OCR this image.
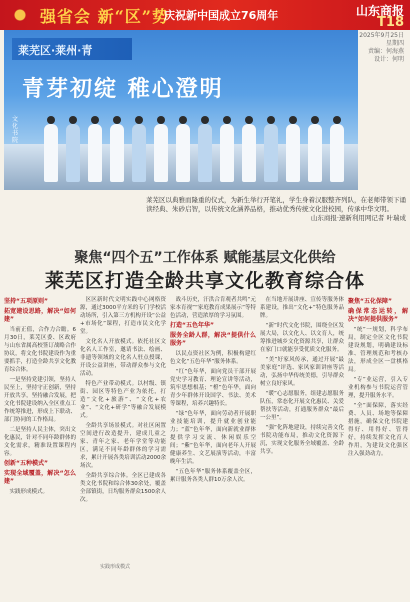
强省会 新“区”势
庆祝新中国成立76周年	山东商报
T18
2025年9月25日
星期四
责编：何海燕
设计：何明
莱芜区·莱州·青
青芽初绽 稚心澄明
文化书院
莱芜区以典雅而隆重的仪式，为新生举行开笔礼，学生身着汉服整齐列队，在老师带领下诵读经典、朱砂启智，以传统文化涵养品格，推动优秀传统文化进校园，传承中华文明。
山东商报·速新利用网记者 叶瑞成
聚焦“四个五”工作体系 赋能基层文化供给
莱芜区打造全龄共享文化教育综合体

坚持“五项原则”

拓宽建设思路，解决“如何建”

当前正值，合作力合瞻。6月30日，莱芜区委、区政府与山东省属高校签订战略合作协议，将文化书院建设作为重要抓手，打造全龄共享文化教育综合体。

一是坚持党建引领，坚持人民至上，坚持守正创新，坚持开放共享，坚持融合发展，把文化书院建设纳入全区重点工作统筹推进，形成上下联动、部门协同的工作格局。

二是坚持人民主体，突出文化惠民，针对不同年龄群体的文化需求，精准设置课程内容。

创新“五种模式”

实现全域覆盖，解决“怎么建”

实践形成模式。

区区新时代文明实践中心网格资源，通过3000平方米的专门学校活动场所，引入第三方机构开设“公益+市场化”课程，打造市民文化学堂。

文化名人开放模式。依托社区文化名人工作室，邀请书法、绘画、非遗等领域的文化名人驻点授课，开设公益讲座，带动群众参与文化活动。

特色产业带动模式。以村级、镇街、园区等特色产业为依托，打造“文化+旅游”、“文化+农业”、“文化+研学”等融合发展模式。

全龄共享场景模式。对社区闲置空间进行改造提升，建成儿童之家、青年之家、老年学堂等功能区，满足不同年龄群体的学习需求，累计开展各类培训活动2000余场次。

全龄共享综合体。全区已建成各类文化书院和综合体30余处，覆盖全部镇街，日均服务群众1500余人次。

战斗历史，汗洪合肯观者共鸣“元家本育视”“家庭教育成果展示”等特色活动，营造浓厚的学习氛围。

打造“五色年华”

服务全龄人群，解决“提供什么服务”

以民点资社区为例，积极构建红色文化“五色年华”服务体系。

“红”色年华，面向党员干部开展党史学习教育、理论宣讲等活动，筑牢思想根基；“橙”色年华，面向青少年群体开设国学、书法、美术等课程，培养兴趣特长。

“绿”色年华，面向劳动者开展职业技能培训，提升就业创业能力；“蓝”色年华，面向新就业群体提供学习交流、休闲娱乐空间；“紫”色年华，面向老年人开展健康养生、文艺展演等活动，丰富晚年生活。

“五色年华”服务体系覆盖全区，累计服务各类人群10万余人次。

在当地开展讲座、宣传等服务体系建设，推出“文化+”特色服务品牌。

“新”时代文化书院，围绕全区发展大局，以文化人、以文育人，统筹推进城乡文化资源共享，让群众在家门口就能享受优质文化服务。

“美”好家风传承，通过开展“最美家庭”评选、家风家训讲座等活动，弘扬中华传统美德，引导群众树立良好家风。

“暖”心志愿服务，组建志愿服务队伍，常态化开展文化惠民、关爱帮扶等活动，打通服务群众“最后一公里”。

“强”化阵地建设，持续完善文化书院功能布局，推动文化资源下沉，实现文化服务全域覆盖、全龄共享。

聚焦“五化保障”

确保常态运转，解决“如何提供服务”

“统”一规划，科学布局，制定全区文化书院建设规划，明确建设标准、管理规范和考核办法，形成全区一盘棋格局。

“专”业运营，引入专业机构参与书院运营管理，提升服务水平。

“全”面保障，落实经费、人员、场地等保障措施，确保文化书院建得好、用得好、管得好，持续发挥文化育人作用，为建设文化强区注入强劲动力。

实践形成模式
